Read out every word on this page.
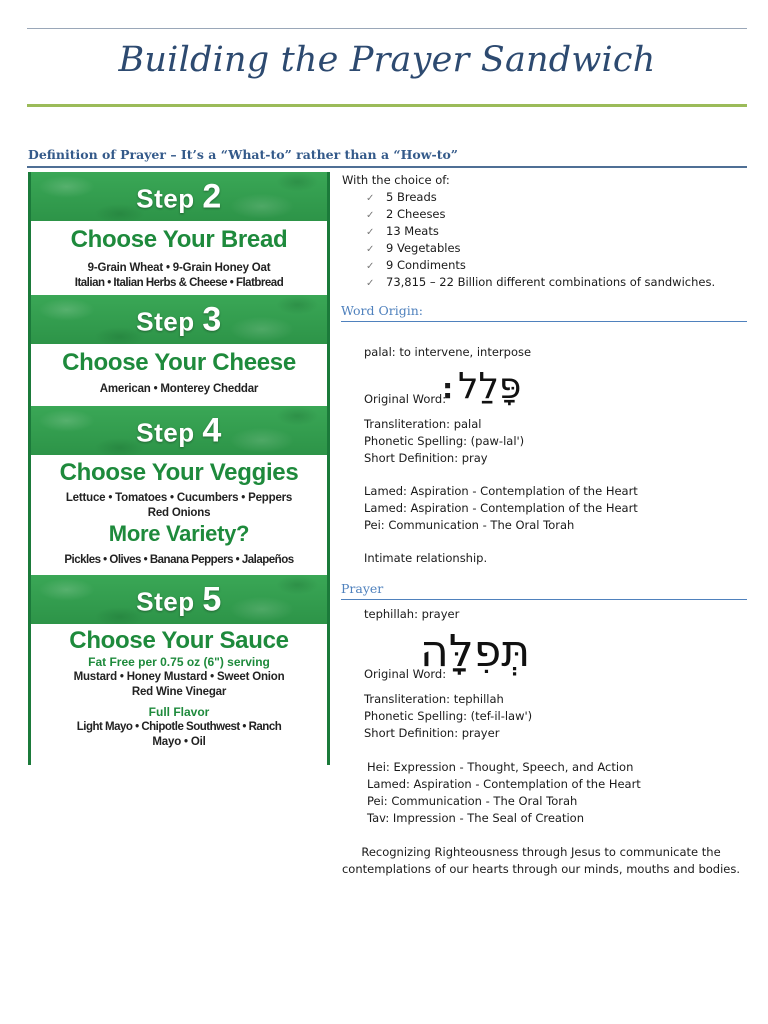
Building the Prayer Sandwich
Definition of Prayer – It’s a “What-to” rather than a “How-to”
Step 2
Choose Your Bread
9-Grain Wheat • 9-Grain Honey Oat
Italian • Italian Herbs & Cheese • Flatbread
Step 3
Choose Your Cheese
American • Monterey Cheddar
Step 4
Choose Your Veggies
Lettuce • Tomatoes • Cucumbers • Peppers
Red Onions
More Variety?
Pickles • Olives • Banana Peppers • Jalapeños
Step 5
Choose Your Sauce
Fat Free per 0.75 oz (6") serving
Mustard • Honey Mustard • Sweet Onion
Red Wine Vinegar
Full Flavor
Light Mayo • Chipotle Southwest • Ranch
Mayo • Oil
With the choice of:
✓ 5 Breads
✓ 2 Cheeses
✓ 13 Meats
✓ 9 Vegetables
✓ 9 Condiments
✓ 73,815 – 22 Billion different combinations of sandwiches.
Word Origin:
palal: to intervene, interpose
Original Word:
: פָּלַל
Transliteration: palal
Phonetic Spelling: (paw-lal')
Short Definition: pray
Lamed: Aspiration - Contemplation of the Heart
Lamed: Aspiration - Contemplation of the Heart
Pei: Communication - The Oral Torah
Intimate relationship.
Prayer
tephillah: prayer
Original Word:
תְּפִלָּה
Transliteration: tephillah
Phonetic Spelling: (tef-il-law')
Short Definition: prayer
Hei: Expression - Thought, Speech, and Action
Lamed: Aspiration - Contemplation of the Heart
Pei: Communication - The Oral Torah
Tav: Impression - The Seal of Creation
Recognizing Righteousness through Jesus to communicate the contemplations of our hearts through our minds, mouths and bodies.
